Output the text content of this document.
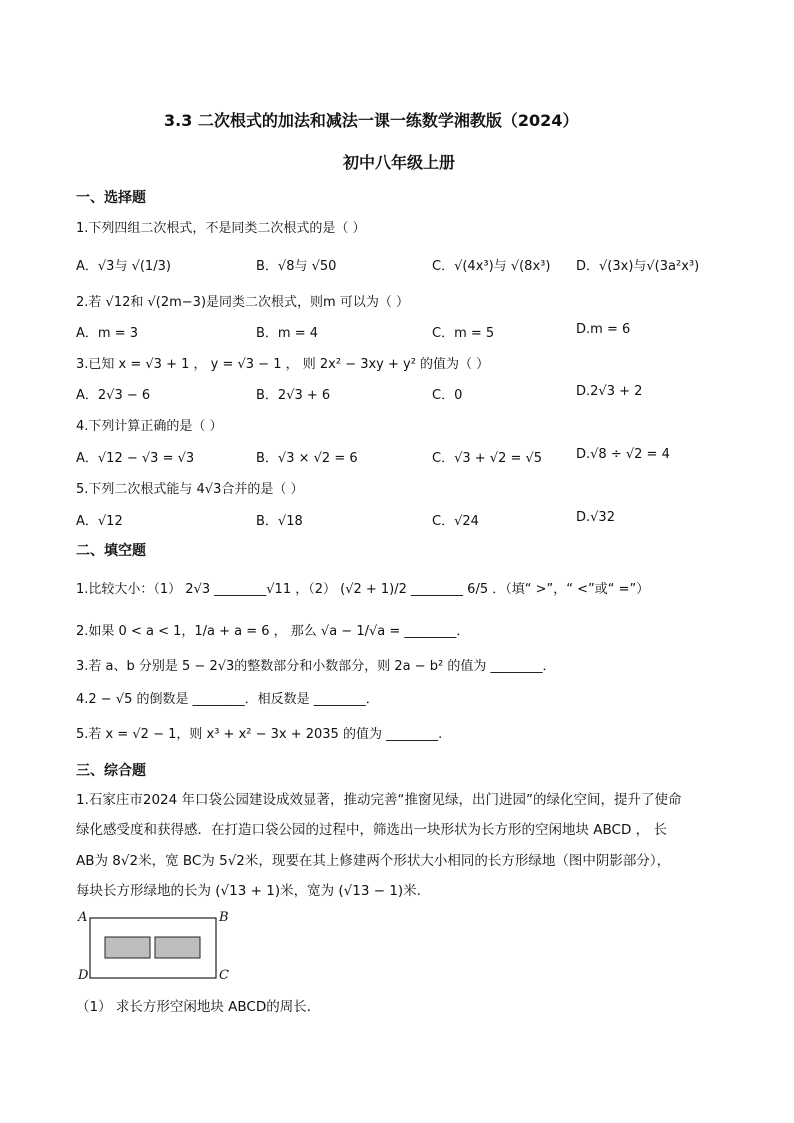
3.3 二次根式的加法和减法一课一练数学湘教版（2024）
初中八年级上册
一、选择题
1.下列四组二次根式，不是同类二次根式的是（ ）
A．√3与 √(1/3)	B．√8与 √50	C．√(4x³)与 √(8x³) D．√(3x)与√(3a²x³)
2.若 √12和 √(2m−3)是同类二次根式，则m 可以为（ ）
A．m = 3	B．m = 4	C．m = 5	D.m = 6
3.已知 x = √3 + 1 ， y = √3 − 1 ， 则 2x² − 3xy + y² 的值为（ ）
A．2√3 − 6	B．2√3 + 6	C．0	D.2√3 + 2
4.下列计算正确的是（ ）
A．√12 − √3 = √3	B．√3 × √2 = 6	C．√3 + √2 = √5	D.√8 ÷ √2 = 4
5.下列二次根式能与 4√3合并的是（ ）
A．√12	B．√18	C．√24	D.√32
二、填空题
1.比较大小：（1） 2√3 ________√11 ，（2） (√2 + 1)/2 ________ 6/5 ．（填“ >”，“ <”或“ =”）
2.如果 0 < a < 1，1/a + a = 6 ， 那么 √a − 1/√a = ________．
3.若 a、b 分别是 5 − 2√3的整数部分和小数部分，则 2a − b² 的值为 ________．
4.2 − √5 的倒数是 ________．相反数是 ________．
5.若 x = √2 − 1，则 x³ + x² − 3x + 2035 的值为 ________.
三、综合题
1.石家庄市2024 年口袋公园建设成效显著，推动完善“推窗见绿，出门进园”的绿化空间，提升了使命
绿化感受度和获得感．在打造口袋公园的过程中，筛选出一块形状为长方形的空闲地块 ABCD ， 长
AB为 8√2米，宽 BC为 5√2米，现要在其上修建两个形状大小相同的长方形绿地（图中阴影部分），
每块长方形绿地的长为 (√13 + 1)米，宽为 (√13 − 1)米．
A	B
C
D
（1） 求长方形空闲地块 ABCD的周长．
